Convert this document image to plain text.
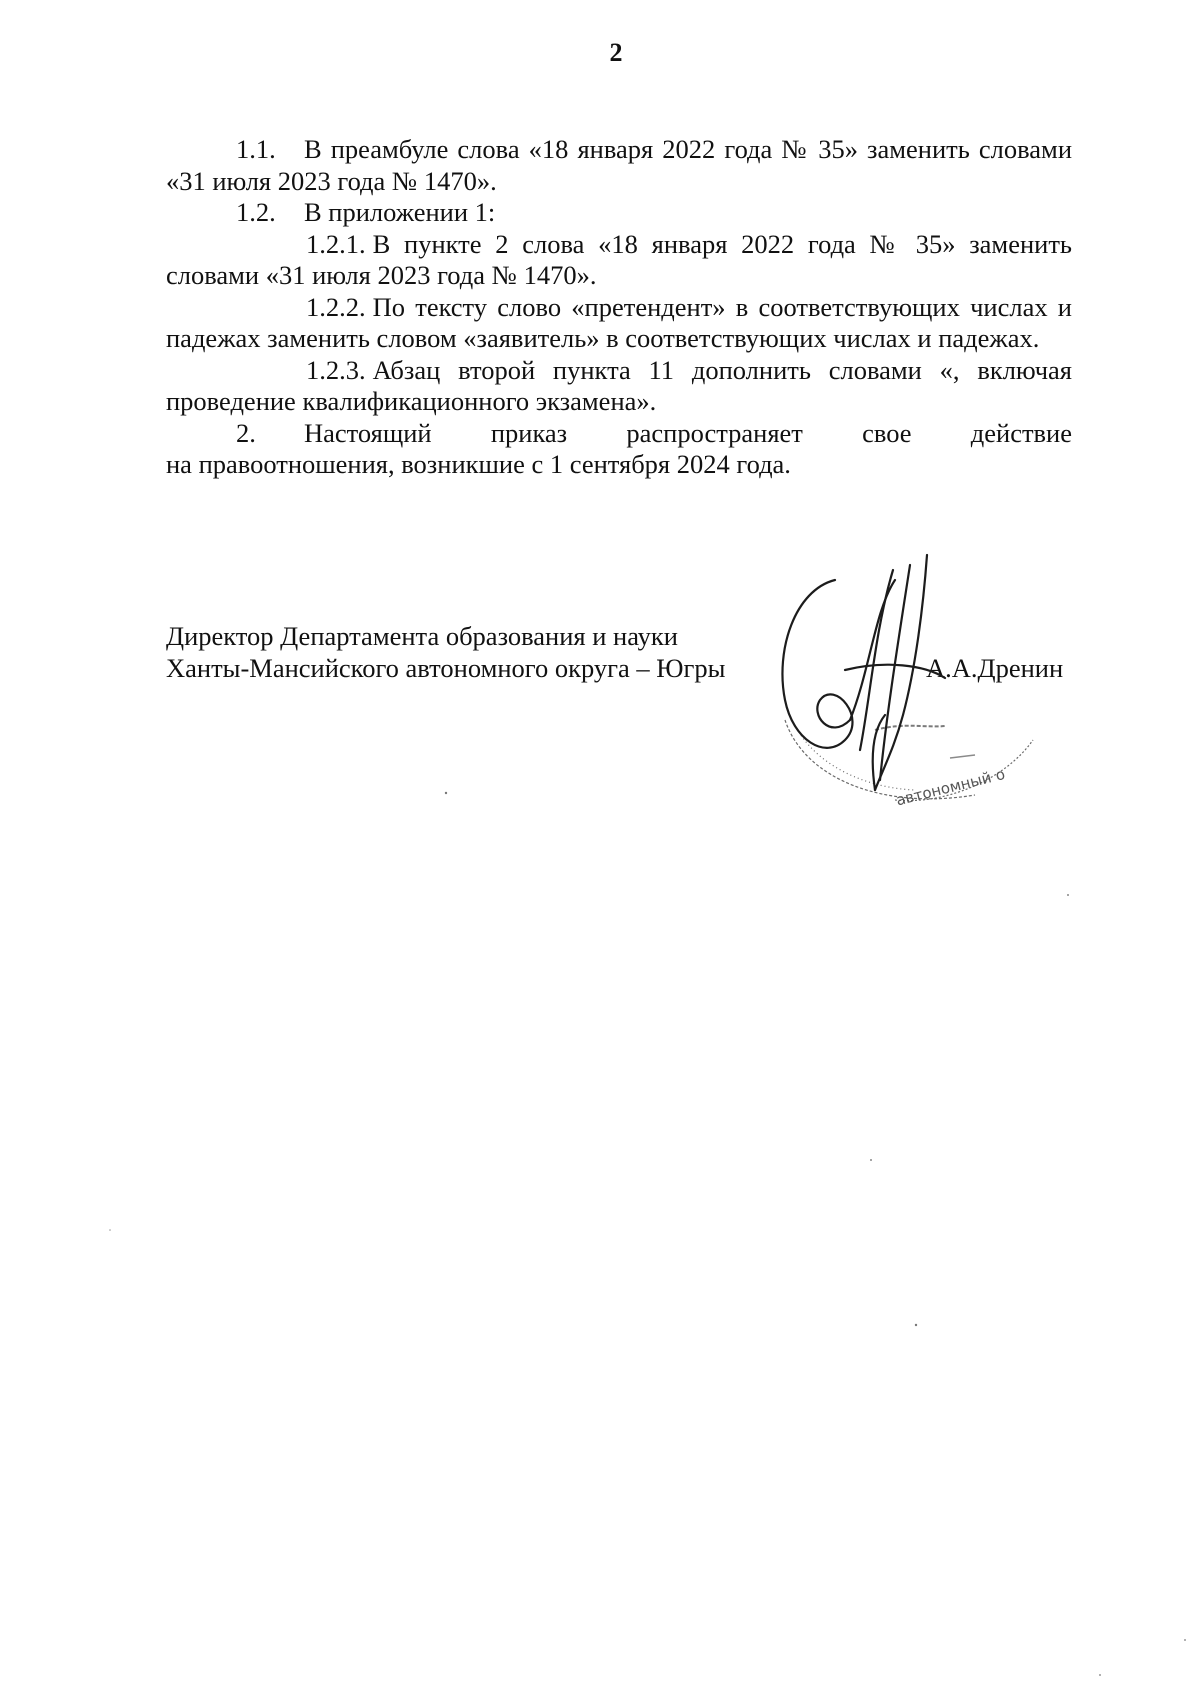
2

1.1. В преамбуле слова «18 января 2022 года № 35» заменить словами «31 июля 2023 года № 1470».

1.2. В приложении 1:

1.2.1. В пункте 2 слова «18 января 2022 года № 35» заменить словами «31 июля 2023 года № 1470».

1.2.2. По тексту слово «претендент» в соответствующих числах и падежах заменить словом «заявитель» в соответствующих числах и падежах.

1.2.3. Абзац второй пункта 11 дополнить словами «, включая проведение квалификационного экзамена».

2. Настоящий приказ распространяет свое действие

на правоотношения, возникшие с 1 сентября 2024 года.

Директор Департамента образования и науки
Ханты-Мансийского автономного округа – Югры	А.А.Дренин
автономный о
